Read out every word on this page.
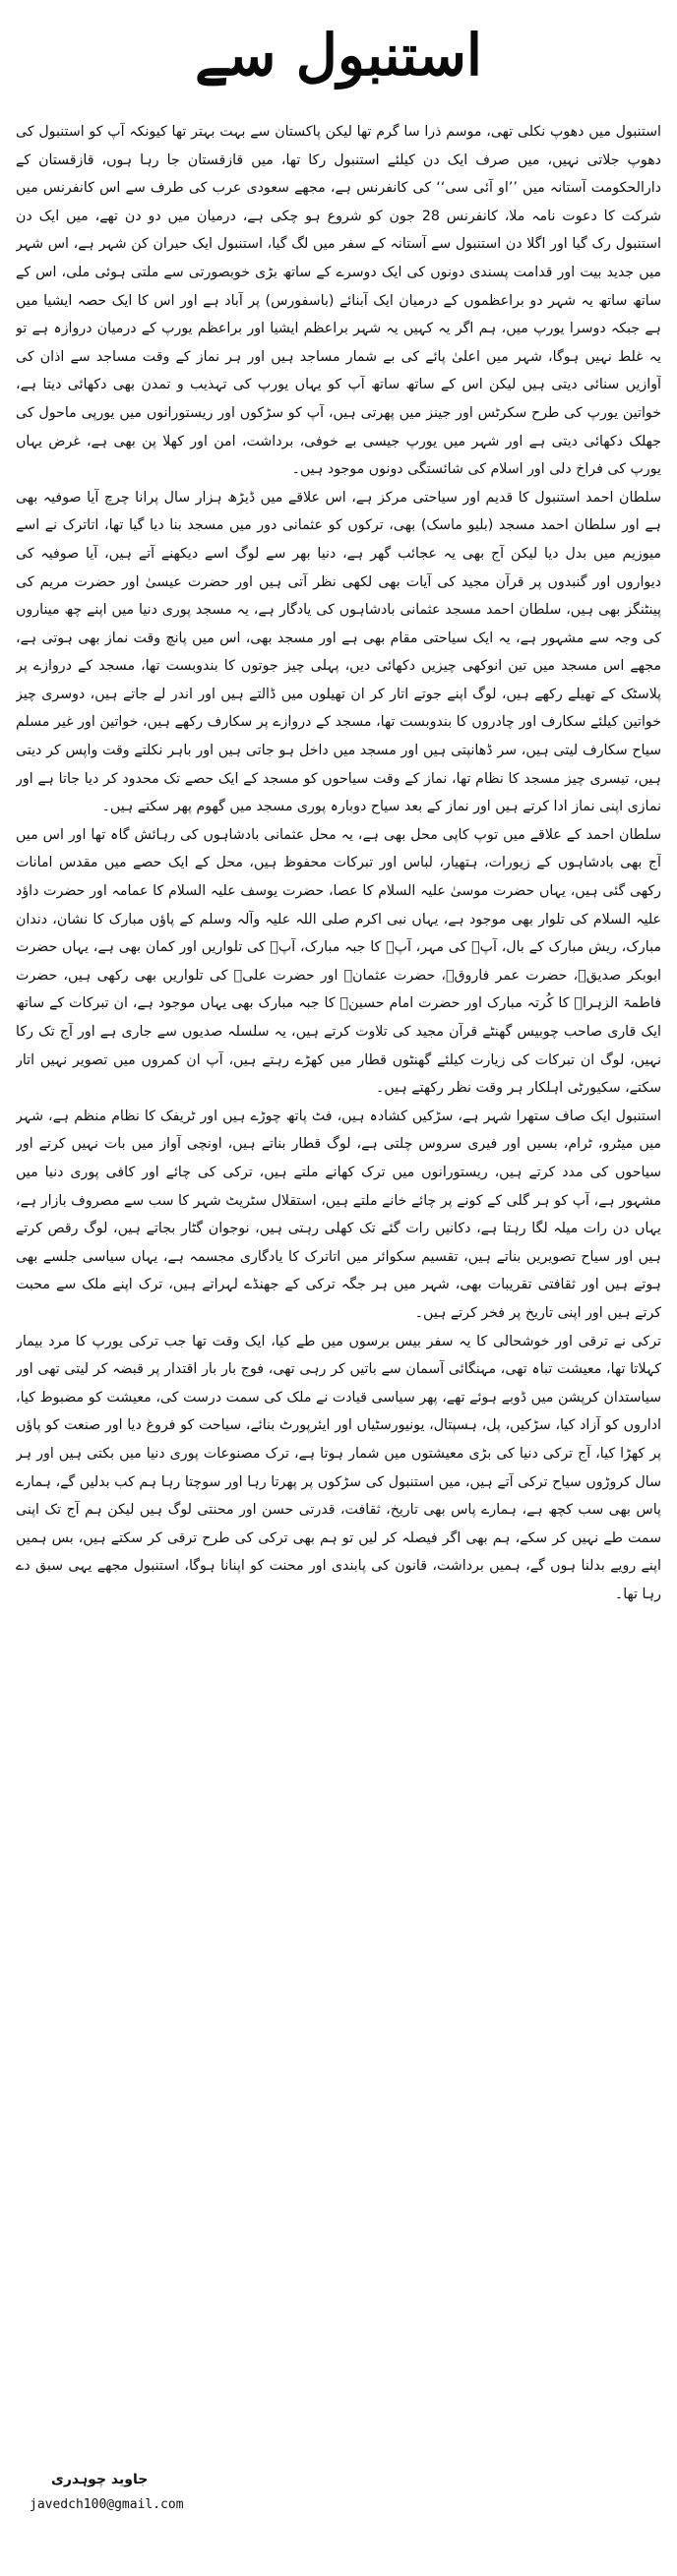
استنبول سے

استنبول میں دھوپ نکلی تھی، موسم ذرا سا گرم تھا لیکن پاکستان سے بہت بہتر تھا کیونکہ آپ کو استنبول کی دھوپ جلاتی نہیں، میں صرف ایک دن کیلئے استنبول رکا تھا، میں قازقستان جا رہا ہوں، قازقستان کے دارالحکومت آستانہ میں ’’او آئی سی‘‘ کی کانفرنس ہے، مجھے سعودی عرب کی طرف سے اس کانفرنس میں شرکت کا دعوت نامہ ملا، کانفرنس 28 جون کو شروع ہو چکی ہے، درمیان میں دو دن تھے، میں ایک دن استنبول رک گیا اور اگلا دن استنبول سے آستانہ کے سفر میں لگ گیا، استنبول ایک حیران کن شہر ہے، اس شہر میں جدید بیت اور قدامت پسندی دونوں کی ایک دوسرے کے ساتھ بڑی خوبصورتی سے ملتی ہوئی ملی، اس کے ساتھ ساتھ یہ شہر دو براعظموں کے درمیان ایک آبنائے (باسفورس) پر آباد ہے اور اس کا ایک حصہ ایشیا میں ہے جبکہ دوسرا یورپ میں، ہم اگر یہ کہیں یہ شہر براعظم ایشیا اور براعظم یورپ کے درمیان دروازہ ہے تو یہ غلط نہیں ہوگا، شہر میں اعلیٰ پائے کی بے شمار مساجد ہیں اور ہر نماز کے وقت مساجد سے اذان کی آوازیں سنائی دیتی ہیں لیکن اس کے ساتھ ساتھ آپ کو یہاں یورپ کی تہذیب و تمدن بھی دکھائی دیتا ہے، خواتین یورپ کی طرح سکرٹس اور جینز میں پھرتی ہیں، آپ کو سڑکوں اور ریستورانوں میں یورپی ماحول کی جھلک دکھائی دیتی ہے اور شہر میں یورپ جیسی بے خوفی، برداشت، امن اور کھلا پن بھی ہے، غرض یہاں یورپ کی فراخ دلی اور اسلام کی شائستگی دونوں موجود ہیں۔

سلطان احمد استنبول کا قدیم اور سیاحتی مرکز ہے، اس علاقے میں ڈیڑھ ہزار سال پرانا چرچ آیا صوفیہ بھی ہے اور سلطان احمد مسجد (بلیو ماسک) بھی، ترکوں کو عثمانی دور میں مسجد بنا دیا گیا تھا، اتاترک نے اسے میوزیم میں بدل دیا لیکن آج بھی یہ عجائب گھر ہے، دنیا بھر سے لوگ اسے دیکھنے آتے ہیں، آیا صوفیہ کی دیواروں اور گنبدوں پر قرآن مجید کی آیات بھی لکھی نظر آتی ہیں اور حضرت عیسیٰ اور حضرت مریم کی پینٹنگز بھی ہیں، سلطان احمد مسجد عثمانی بادشاہوں کی یادگار ہے، یہ مسجد پوری دنیا میں اپنے چھ میناروں کی وجہ سے مشہور ہے، یہ ایک سیاحتی مقام بھی ہے اور مسجد بھی، اس میں پانچ وقت نماز بھی ہوتی ہے، مجھے اس مسجد میں تین انوکھی چیزیں دکھائی دیں، پہلی چیز جوتوں کا بندوبست تھا، مسجد کے دروازے پر پلاسٹک کے تھیلے رکھے ہیں، لوگ اپنے جوتے اتار کر ان تھیلوں میں ڈالتے ہیں اور اندر لے جاتے ہیں، دوسری چیز خواتین کیلئے سکارف اور چادروں کا بندوبست تھا، مسجد کے دروازے پر سکارف رکھے ہیں، خواتین اور غیر مسلم سیاح سکارف لیتی ہیں، سر ڈھانپتی ہیں اور مسجد میں داخل ہو جاتی ہیں اور باہر نکلتے وقت واپس کر دیتی ہیں، تیسری چیز مسجد کا نظام تھا، نماز کے وقت سیاحوں کو مسجد کے ایک حصے تک محدود کر دیا جاتا ہے اور نمازی اپنی نماز ادا کرتے ہیں اور نماز کے بعد سیاح دوبارہ پوری مسجد میں گھوم پھر سکتے ہیں۔

سلطان احمد کے علاقے میں توپ کاپی محل بھی ہے، یہ محل عثمانی بادشاہوں کی رہائش گاہ تھا اور اس میں آج بھی بادشاہوں کے زیورات، ہتھیار، لباس اور تبرکات محفوظ ہیں، محل کے ایک حصے میں مقدس امانات رکھی گئی ہیں، یہاں حضرت موسیٰ علیہ السلام کا عصا، حضرت یوسف علیہ السلام کا عمامہ اور حضرت داؤد علیہ السلام کی تلوار بھی موجود ہے، یہاں نبی اکرم صلی اللہ علیہ وآلہ وسلم کے پاؤں مبارک کا نشان، دندان مبارک، ریش مبارک کے بال، آپؐ کی مہر، آپؐ کا جبہ مبارک، آپؐ کی تلواریں اور کمان بھی ہے، یہاں حضرت ابوبکر صدیقؓ، حضرت عمر فاروقؓ، حضرت عثمانؓ اور حضرت علیؓ کی تلواریں بھی رکھی ہیں، حضرت فاطمۃ الزہراؓ کا کُرتہ مبارک اور حضرت امام حسینؓ کا جبہ مبارک بھی یہاں موجود ہے، ان تبرکات کے ساتھ ایک قاری صاحب چوبیس گھنٹے قرآن مجید کی تلاوت کرتے ہیں، یہ سلسلہ صدیوں سے جاری ہے اور آج تک رکا نہیں، لوگ ان تبرکات کی زیارت کیلئے گھنٹوں قطار میں کھڑے رہتے ہیں، آپ ان کمروں میں تصویر نہیں اتار سکتے، سکیورٹی اہلکار ہر وقت نظر رکھتے ہیں۔

استنبول ایک صاف ستھرا شہر ہے، سڑکیں کشادہ ہیں، فٹ پاتھ چوڑے ہیں اور ٹریفک کا نظام منظم ہے، شہر میں میٹرو، ٹرام، بسیں اور فیری سروس چلتی ہے، لوگ قطار بناتے ہیں، اونچی آواز میں بات نہیں کرتے اور سیاحوں کی مدد کرتے ہیں، ریستورانوں میں ترک کھانے ملتے ہیں، ترکی کی چائے اور کافی پوری دنیا میں مشہور ہے، آپ کو ہر گلی کے کونے پر چائے خانے ملتے ہیں، استقلال سٹریٹ شہر کا سب سے مصروف بازار ہے، یہاں دن رات میلہ لگا رہتا ہے، دکانیں رات گئے تک کھلی رہتی ہیں، نوجوان گٹار بجاتے ہیں، لوگ رقص کرتے ہیں اور سیاح تصویریں بناتے ہیں، تقسیم سکوائر میں اتاترک کا یادگاری مجسمہ ہے، یہاں سیاسی جلسے بھی ہوتے ہیں اور ثقافتی تقریبات بھی، شہر میں ہر جگہ ترکی کے جھنڈے لہراتے ہیں، ترک اپنے ملک سے محبت کرتے ہیں اور اپنی تاریخ پر فخر کرتے ہیں۔

ترکی نے ترقی اور خوشحالی کا یہ سفر بیس برسوں میں طے کیا، ایک وقت تھا جب ترکی یورپ کا مرد بیمار کہلاتا تھا، معیشت تباہ تھی، مہنگائی آسمان سے باتیں کر رہی تھی، فوج بار بار اقتدار پر قبضہ کر لیتی تھی اور سیاستدان کرپشن میں ڈوبے ہوئے تھے، پھر سیاسی قیادت نے ملک کی سمت درست کی، معیشت کو مضبوط کیا، اداروں کو آزاد کیا، سڑکیں، پل، ہسپتال، یونیورسٹیاں اور ایئرپورٹ بنائے، سیاحت کو فروغ دیا اور صنعت کو پاؤں پر کھڑا کیا، آج ترکی دنیا کی بڑی معیشتوں میں شمار ہوتا ہے، ترک مصنوعات پوری دنیا میں بکتی ہیں اور ہر سال کروڑوں سیاح ترکی آتے ہیں، میں استنبول کی سڑکوں پر پھرتا رہا اور سوچتا رہا ہم کب بدلیں گے، ہمارے پاس بھی سب کچھ ہے، ہمارے پاس بھی تاریخ، ثقافت، قدرتی حسن اور محنتی لوگ ہیں لیکن ہم آج تک اپنی سمت طے نہیں کر سکے، ہم بھی اگر فیصلہ کر لیں تو ہم بھی ترکی کی طرح ترقی کر سکتے ہیں، بس ہمیں اپنے رویے بدلنا ہوں گے، ہمیں برداشت، قانون کی پابندی اور محنت کو اپنانا ہوگا، استنبول مجھے یہی سبق دے رہا تھا۔

جاوید چوہدری
javedch100@gmail.com
